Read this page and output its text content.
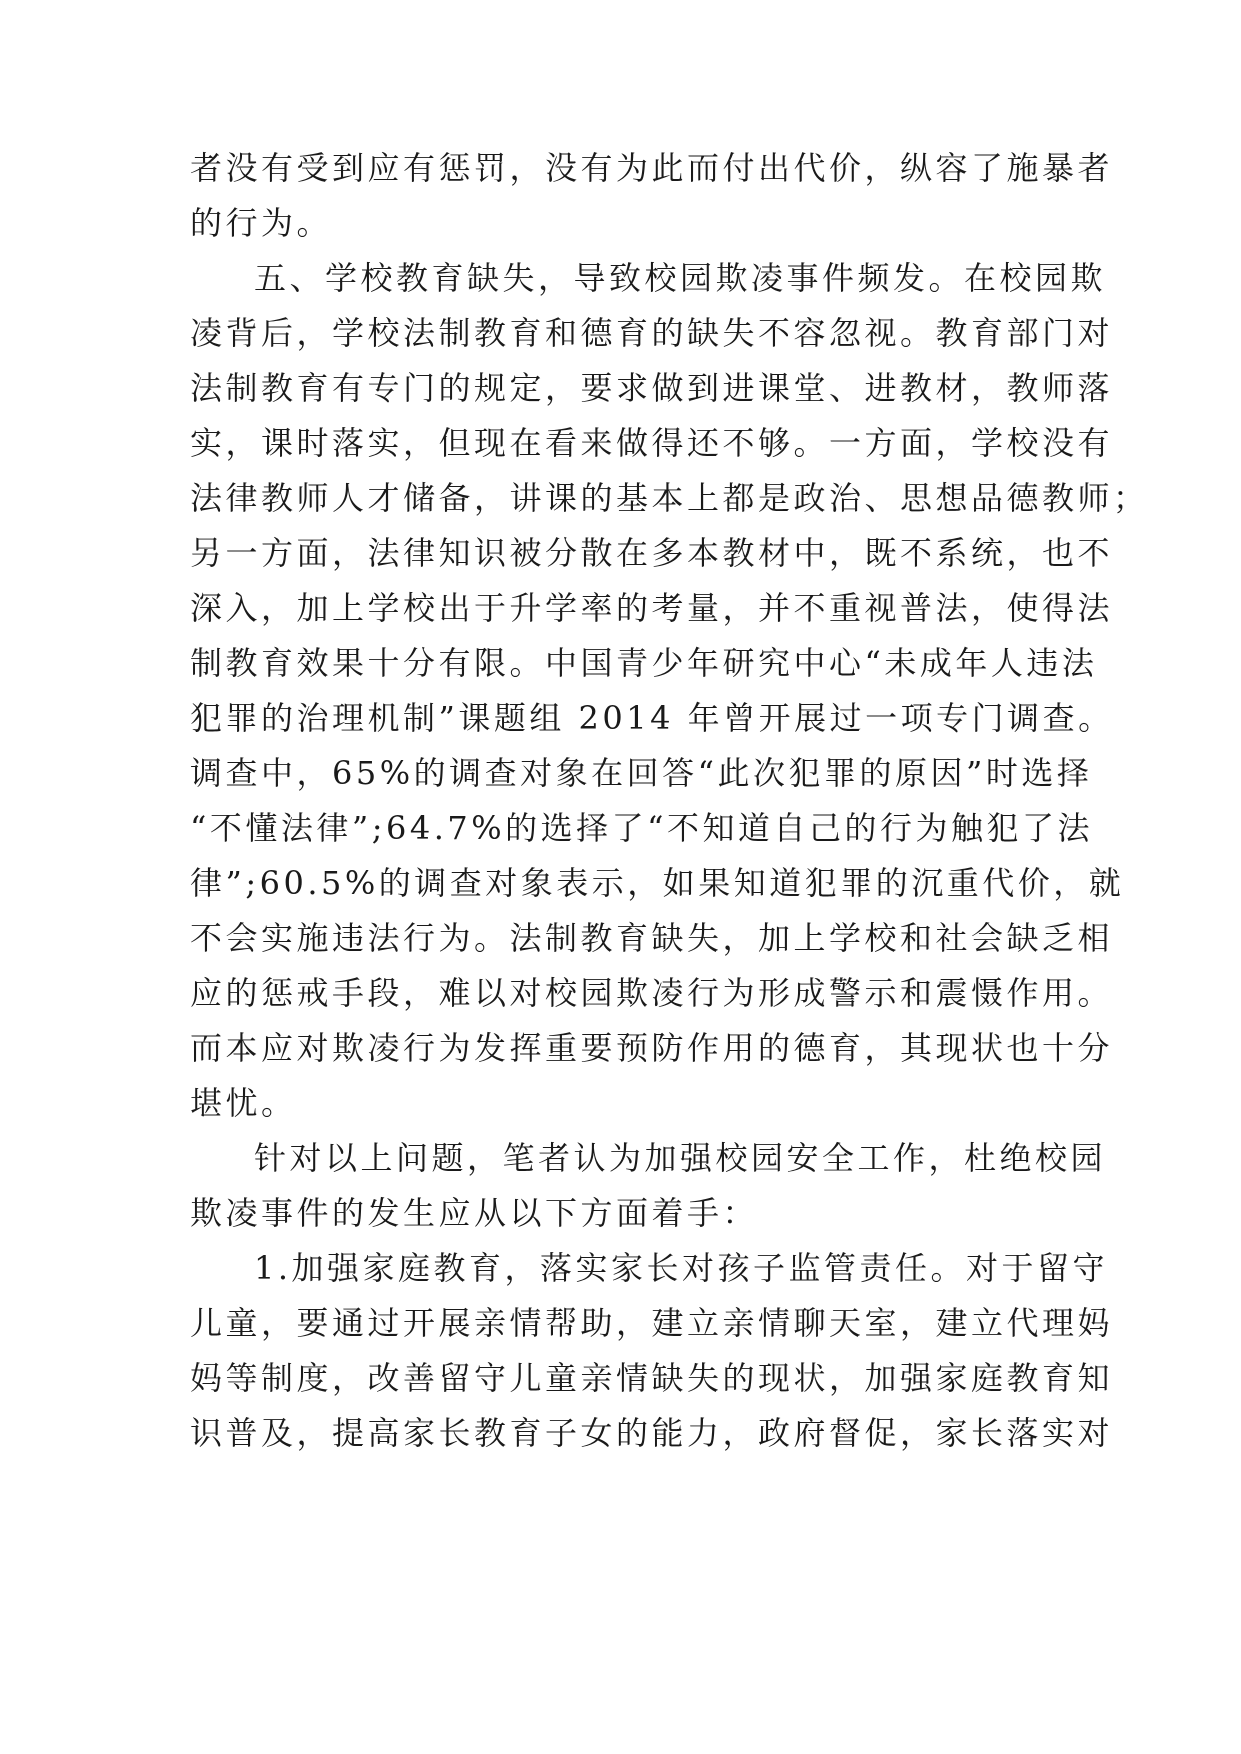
者没有受到应有惩罚，没有为此而付出代价，纵容了施暴者
的行为。
五、学校教育缺失，导致校园欺凌事件频发。在校园欺
凌背后，学校法制教育和德育的缺失不容忽视。教育部门对
法制教育有专门的规定，要求做到进课堂、进教材，教师落
实，课时落实，但现在看来做得还不够。一方面，学校没有
法律教师人才储备，讲课的基本上都是政治、思想品德教师；
另一方面，法律知识被分散在多本教材中，既不系统，也不
深入，加上学校出于升学率的考量，并不重视普法，使得法
制教育效果十分有限。中国青少年研究中心“未成年人违法
犯罪的治理机制”课题组 2014 年曾开展过一项专门调查。
调查中，65%的调查对象在回答“此次犯罪的原因”时选择
“不懂法律”;64.7%的选择了“不知道自己的行为触犯了法
律”;60.5%的调查对象表示，如果知道犯罪的沉重代价，就
不会实施违法行为。法制教育缺失，加上学校和社会缺乏相
应的惩戒手段，难以对校园欺凌行为形成警示和震慑作用。
而本应对欺凌行为发挥重要预防作用的德育，其现状也十分
堪忧。
针对以上问题，笔者认为加强校园安全工作，杜绝校园
欺凌事件的发生应从以下方面着手：
1.加强家庭教育，落实家长对孩子监管责任。对于留守
儿童，要通过开展亲情帮助，建立亲情聊天室，建立代理妈
妈等制度，改善留守儿童亲情缺失的现状，加强家庭教育知
识普及，提高家长教育子女的能力，政府督促，家长落实对
